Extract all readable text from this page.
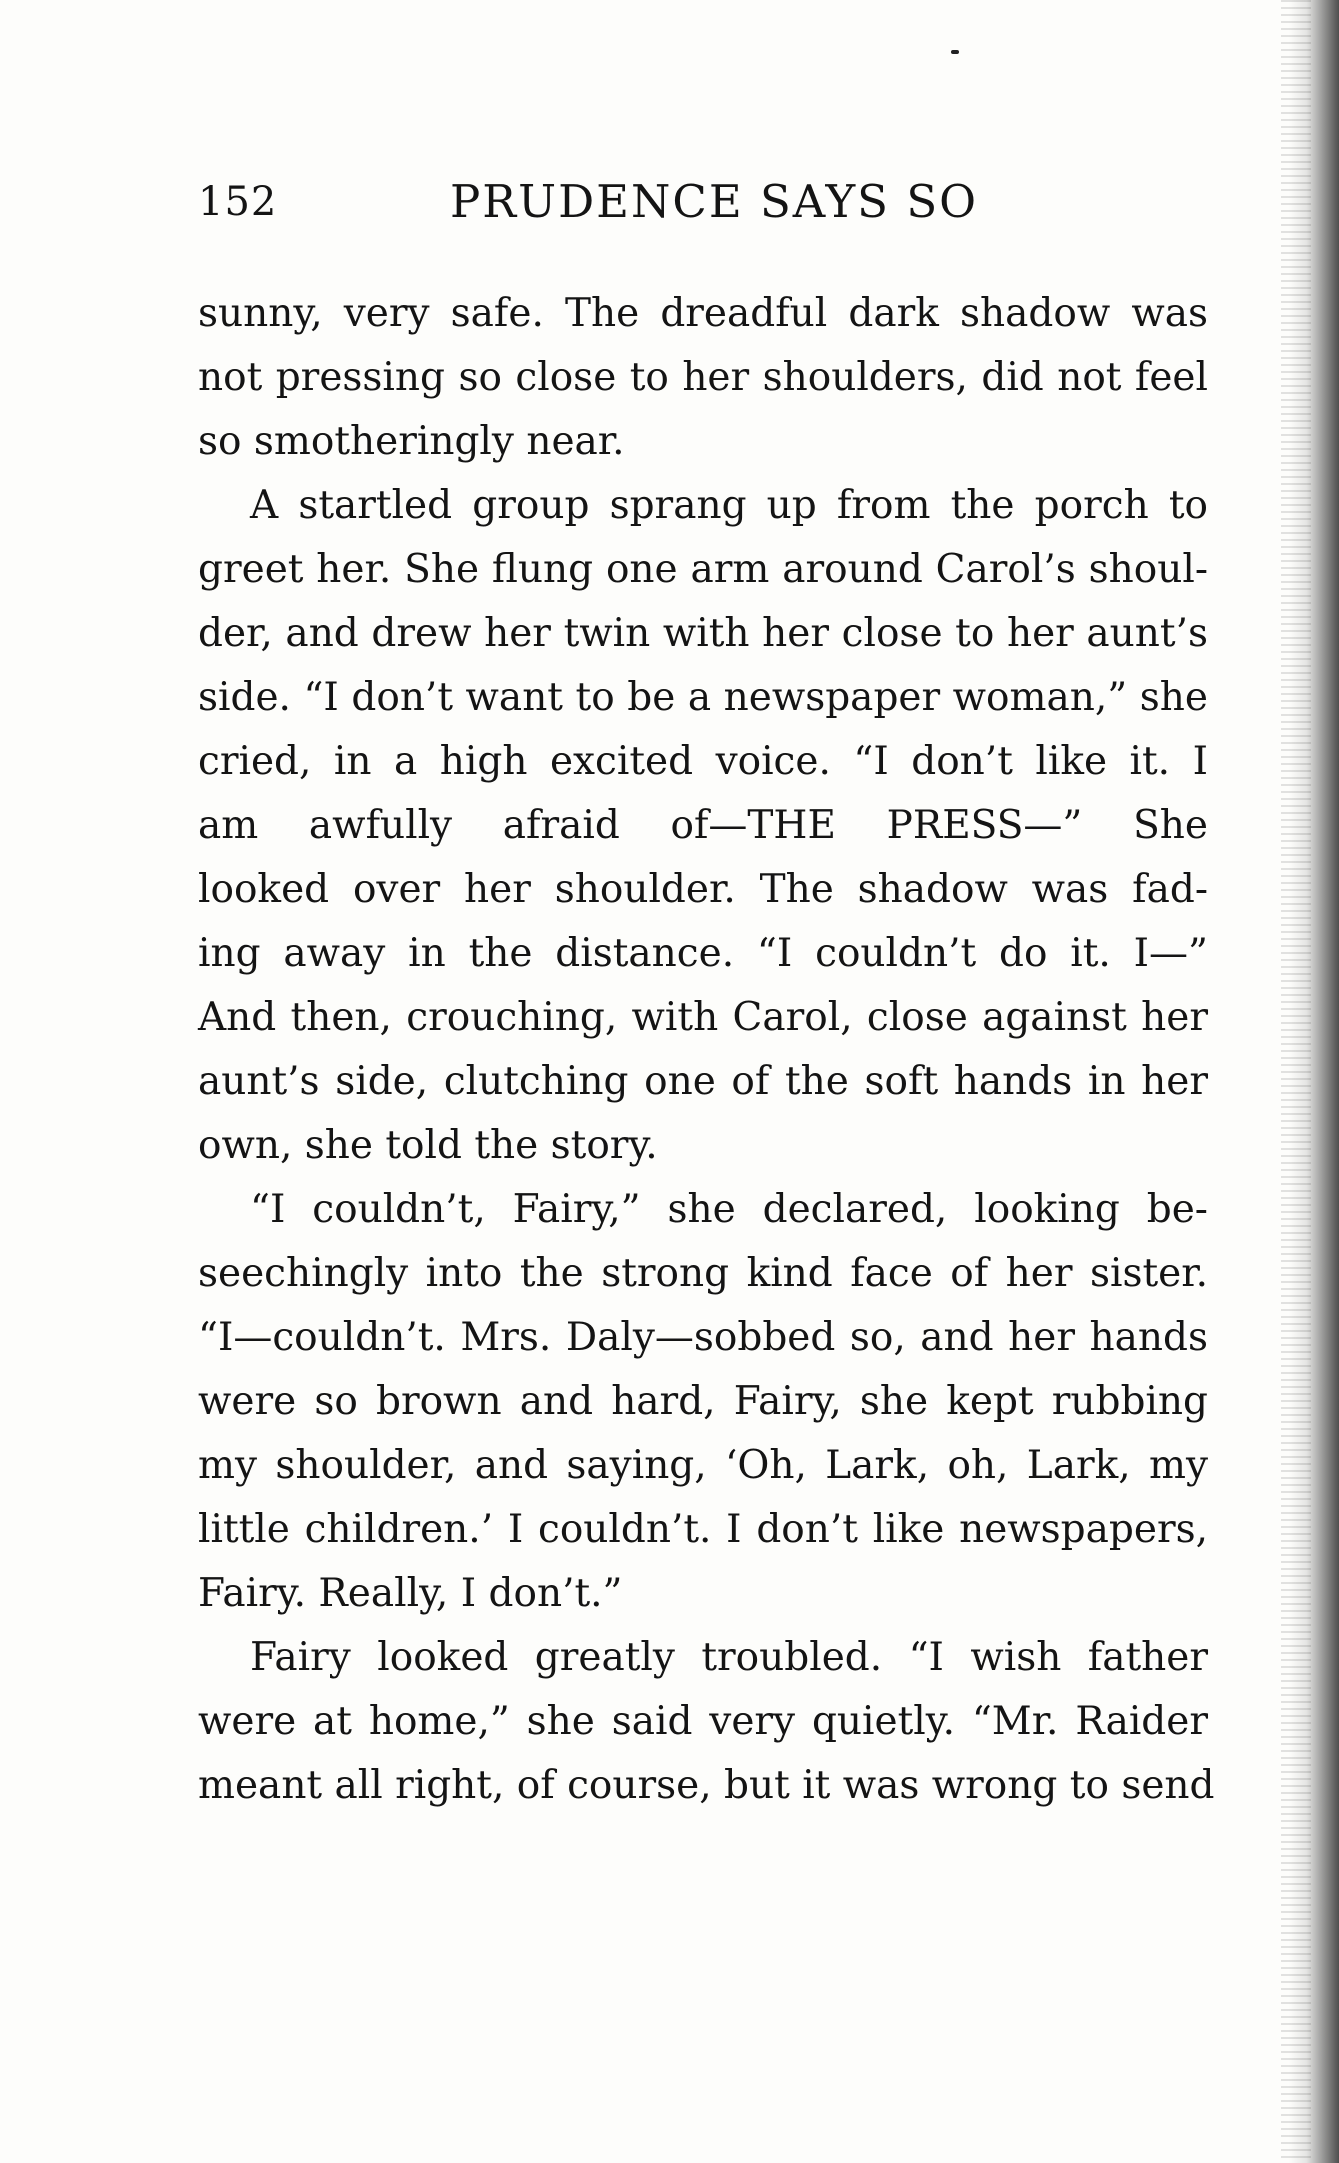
152	PRUDENCE SAYS SO

sunny, very safe. The dreadful dark shadow was
not pressing so close to her shoulders, did not feel
so smotheringly near.

A startled group sprang up from the porch to
greet her. She flung one arm around Carol’s shoul-
der, and drew her twin with her close to her aunt’s
side. “I don’t want to be a newspaper woman,” she
cried, in a high excited voice. “I don’t like it. I
am awfully afraid of—THE PRESS—” She
looked over her shoulder. The shadow was fad-
ing away in the distance. “I couldn’t do it. I—”
And then, crouching, with Carol, close against her
aunt’s side, clutching one of the soft hands in her
own, she told the story.

“I couldn’t, Fairy,” she declared, looking be-
seechingly into the strong kind face of her sister.
“I—couldn’t. Mrs. Daly—sobbed so, and her hands
were so brown and hard, Fairy, she kept rubbing
my shoulder, and saying, ‘Oh, Lark, oh, Lark, my
little children.’ I couldn’t. I don’t like newspapers,
Fairy. Really, I don’t.”

Fairy looked greatly troubled. “I wish father
were at home,” she said very quietly. “Mr. Raider
meant all right, of course, but it was wrong to send
